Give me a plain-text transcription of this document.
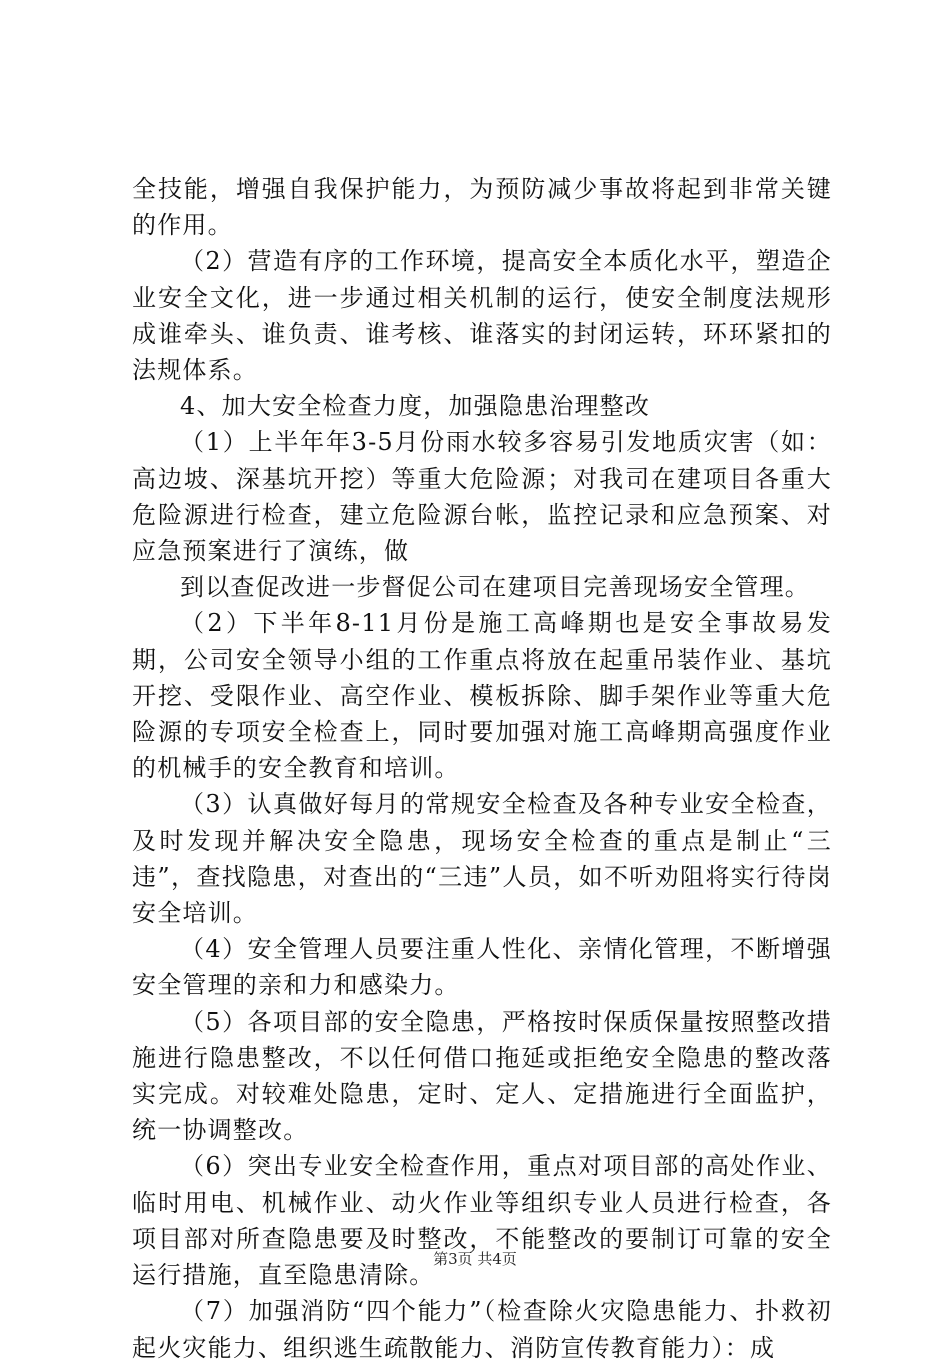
全技能，增强自我保护能力，为预防减少事故将起到非常关键的作用。

（2）营造有序的工作环境，提高安全本质化水平，塑造企业安全文化，进一步通过相关机制的运行，使安全制度法规形成谁牵头、谁负责、谁考核、谁落实的封闭运转，环环紧扣的法规体系。

4、加大安全检查力度，加强隐患治理整改

（1）上半年年3-5月份雨水较多容易引发地质灾害（如：高边坡、深基坑开挖）等重大危险源；对我司在建项目各重大危险源进行检查，建立危险源台帐，监控记录和应急预案、对应急预案进行了演练，做

到以查促改进一步督促公司在建项目完善现场安全管理。

（2）下半年8-11月份是施工高峰期也是安全事故易发期，公司安全领导小组的工作重点将放在起重吊装作业、基坑开挖、受限作业、高空作业、模板拆除、脚手架作业等重大危险源的专项安全检查上，同时要加强对施工高峰期高强度作业的机械手的安全教育和培训。

（3）认真做好每月的常规安全检查及各种专业安全检查，及时发现并解决安全隐患，现场安全检查的重点是制止“三违”，查找隐患，对查出的“三违”人员，如不听劝阻将实行待岗安全培训。

（4）安全管理人员要注重人性化、亲情化管理，不断增强安全管理的亲和力和感染力。

（5）各项目部的安全隐患，严格按时保质保量按照整改措施进行隐患整改，不以任何借口拖延或拒绝安全隐患的整改落实完成。对较难处隐患，定时、定人、定措施进行全面监护，统一协调整改。

（6）突出专业安全检查作用，重点对项目部的高处作业、临时用电、机械作业、动火作业等组织专业人员进行检查，各项目部对所查隐患要及时整改，不能整改的要制订可靠的安全运行措施，直至隐患清除。

（7）加强消防“四个能力”（检查除火灾隐患能力、扑救初起火灾能力、组织逃生疏散能力、消防宣传教育能力）：成

第3页 共4页
